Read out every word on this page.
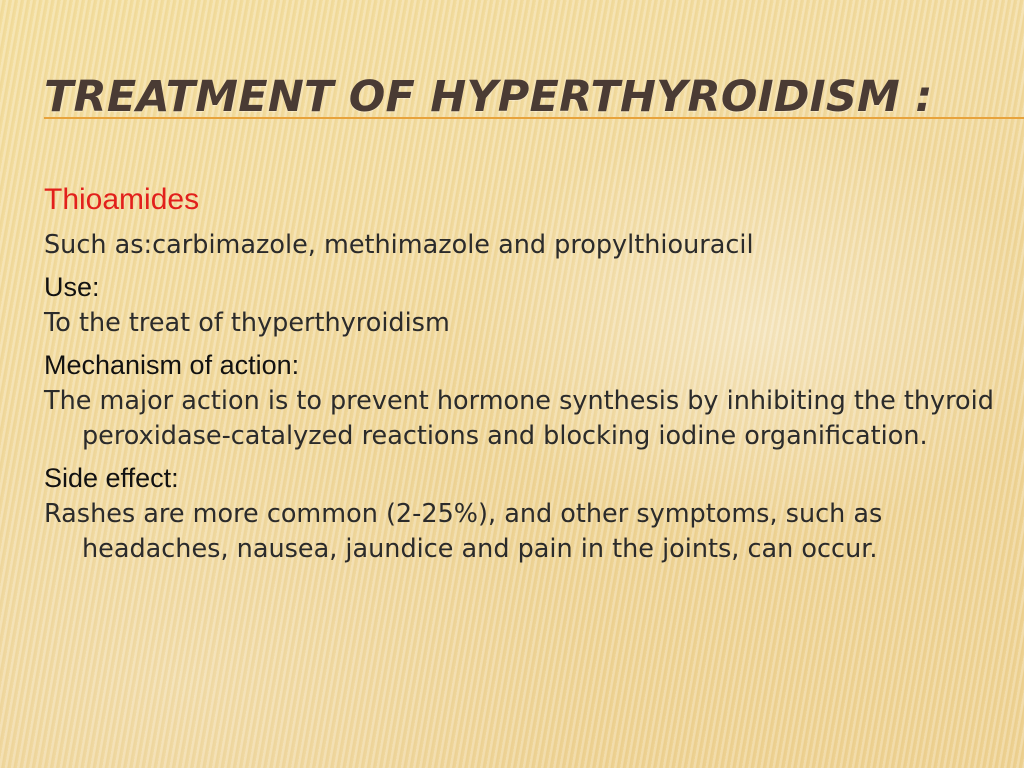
TREATMENT OF HYPERTHYROIDISM :

Thioamides

Such as:carbimazole, methimazole and propylthiouracil

Use:

To the treat of thyperthyroidism

Mechanism of action:

The major action is to prevent hormone synthesis by inhibiting the thyroid peroxidase-catalyzed reactions and blocking iodine organification.

Side effect:

Rashes are more common (2-25%), and other symptoms, such as headaches, nausea, jaundice and pain in the joints, can occur.
